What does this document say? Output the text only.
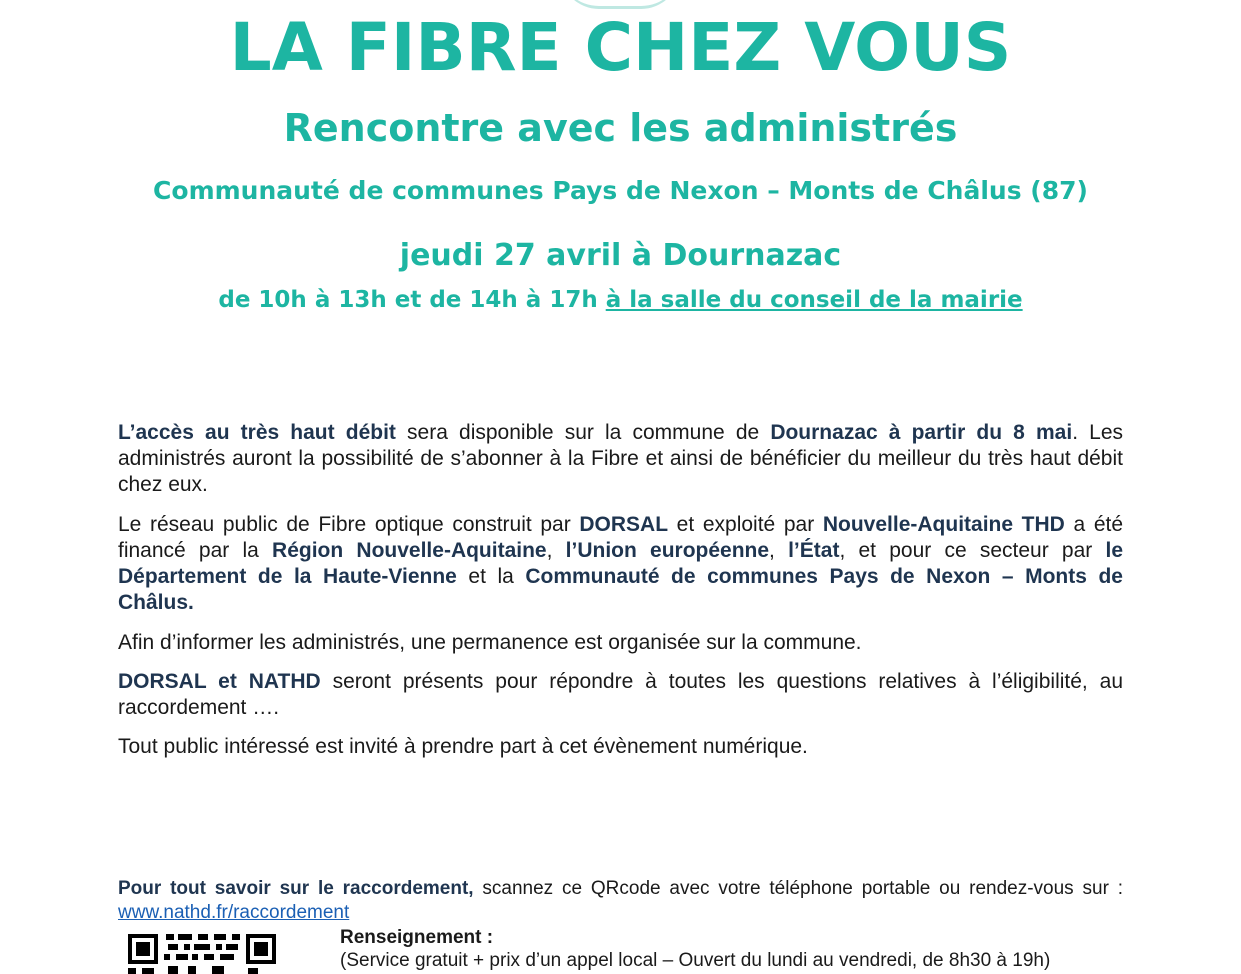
LA FIBRE CHEZ VOUS
Rencontre avec les administrés
Communauté de communes Pays de Nexon – Monts de Châlus (87)
jeudi 27 avril à Dournazac
de 10h à 13h et de 14h à 17h à la salle du conseil de la mairie
L’accès au très haut débit sera disponible sur la commune de Dournazac à partir du 8 mai. Les administrés auront la possibilité de s’abonner à la Fibre et ainsi de bénéficier du meilleur du très haut débit chez eux.
Le réseau public de Fibre optique construit par DORSAL et exploité par Nouvelle-Aquitaine THD a été financé par la Région Nouvelle-Aquitaine, l’Union européenne, l’État, et pour ce secteur par le Département de la Haute-Vienne et la Communauté de communes Pays de Nexon – Monts de Châlus.
Afin d’informer les administrés, une permanence est organisée sur la commune.
DORSAL et NATHD seront présents pour répondre à toutes les questions relatives à l’éligibilité, au raccordement ….
Tout public intéressé est invité à prendre part à cet évènement numérique.
Pour tout savoir sur le raccordement, scannez ce QRcode avec votre téléphone portable ou rendez-vous sur : www.nathd.fr/raccordement
Renseignement :
(Service gratuit + prix d’un appel local – Ouvert du lundi au vendredi, de 8h30 à 19h)
